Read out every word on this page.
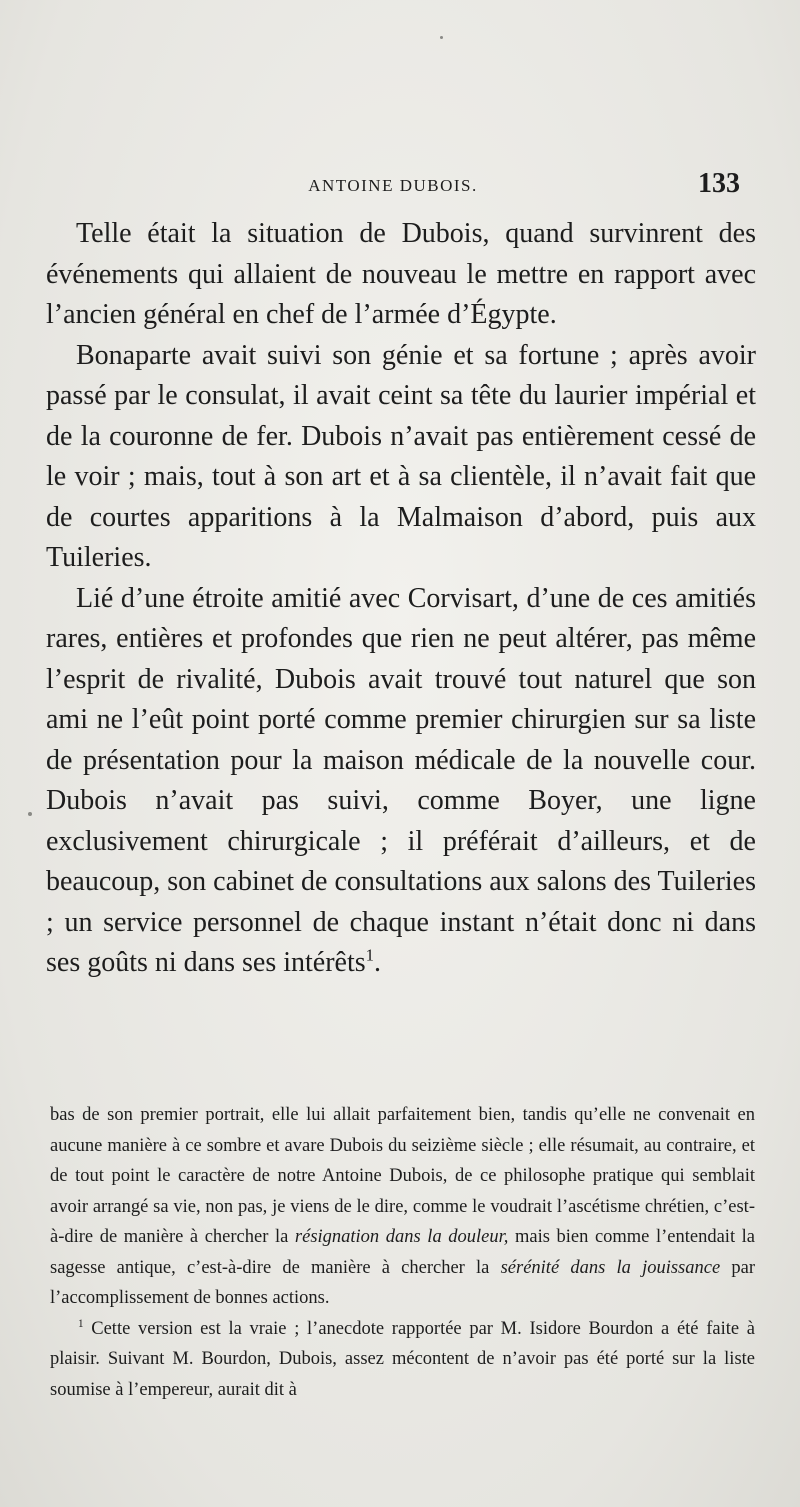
ANTOINE DUBOIS.	133

Telle était la situation de Dubois, quand survinrent des événements qui allaient de nouveau le mettre en rapport avec l’ancien général en chef de l’armée d’Égypte.

Bonaparte avait suivi son génie et sa fortune ; après avoir passé par le consulat, il avait ceint sa tête du laurier impérial et de la couronne de fer. Dubois n’avait pas entièrement cessé de le voir ; mais, tout à son art et à sa clientèle, il n’avait fait que de courtes apparitions à la Malmaison d’abord, puis aux Tuileries.

Lié d’une étroite amitié avec Corvisart, d’une de ces amitiés rares, entières et profondes que rien ne peut altérer, pas même l’esprit de rivalité, Dubois avait trouvé tout naturel que son ami ne l’eût point porté comme premier chirurgien sur sa liste de présentation pour la maison médicale de la nouvelle cour. Dubois n’avait pas suivi, comme Boyer, une ligne exclusivement chirurgicale ; il préférait d’ailleurs, et de beaucoup, son cabinet de consultations aux salons des Tuileries ; un service personnel de chaque instant n’était donc ni dans ses goûts ni dans ses intérêts$^1$.

bas de son premier portrait, elle lui allait parfaitement bien, tandis qu’elle ne convenait en aucune manière à ce sombre et avare Dubois du seizième siècle ; elle résumait, au contraire, et de tout point le caractère de notre Antoine Dubois, de ce philosophe pratique qui semblait avoir arrangé sa vie, non pas, je viens de le dire, comme le voudrait l’ascétisme chrétien, c’est-à-dire de manière à chercher la résignation dans la douleur, mais bien comme l’entendait la sagesse antique, c’est-à-dire de manière à chercher la sérénité dans la jouissance par l’accomplissement de bonnes actions.

$^1$ Cette version est la vraie ; l’anecdote rapportée par M. Isidore Bourdon a été faite à plaisir. Suivant M. Bourdon, Dubois, assez mécontent de n’avoir pas été porté sur la liste soumise à l’empereur, aurait dit à
